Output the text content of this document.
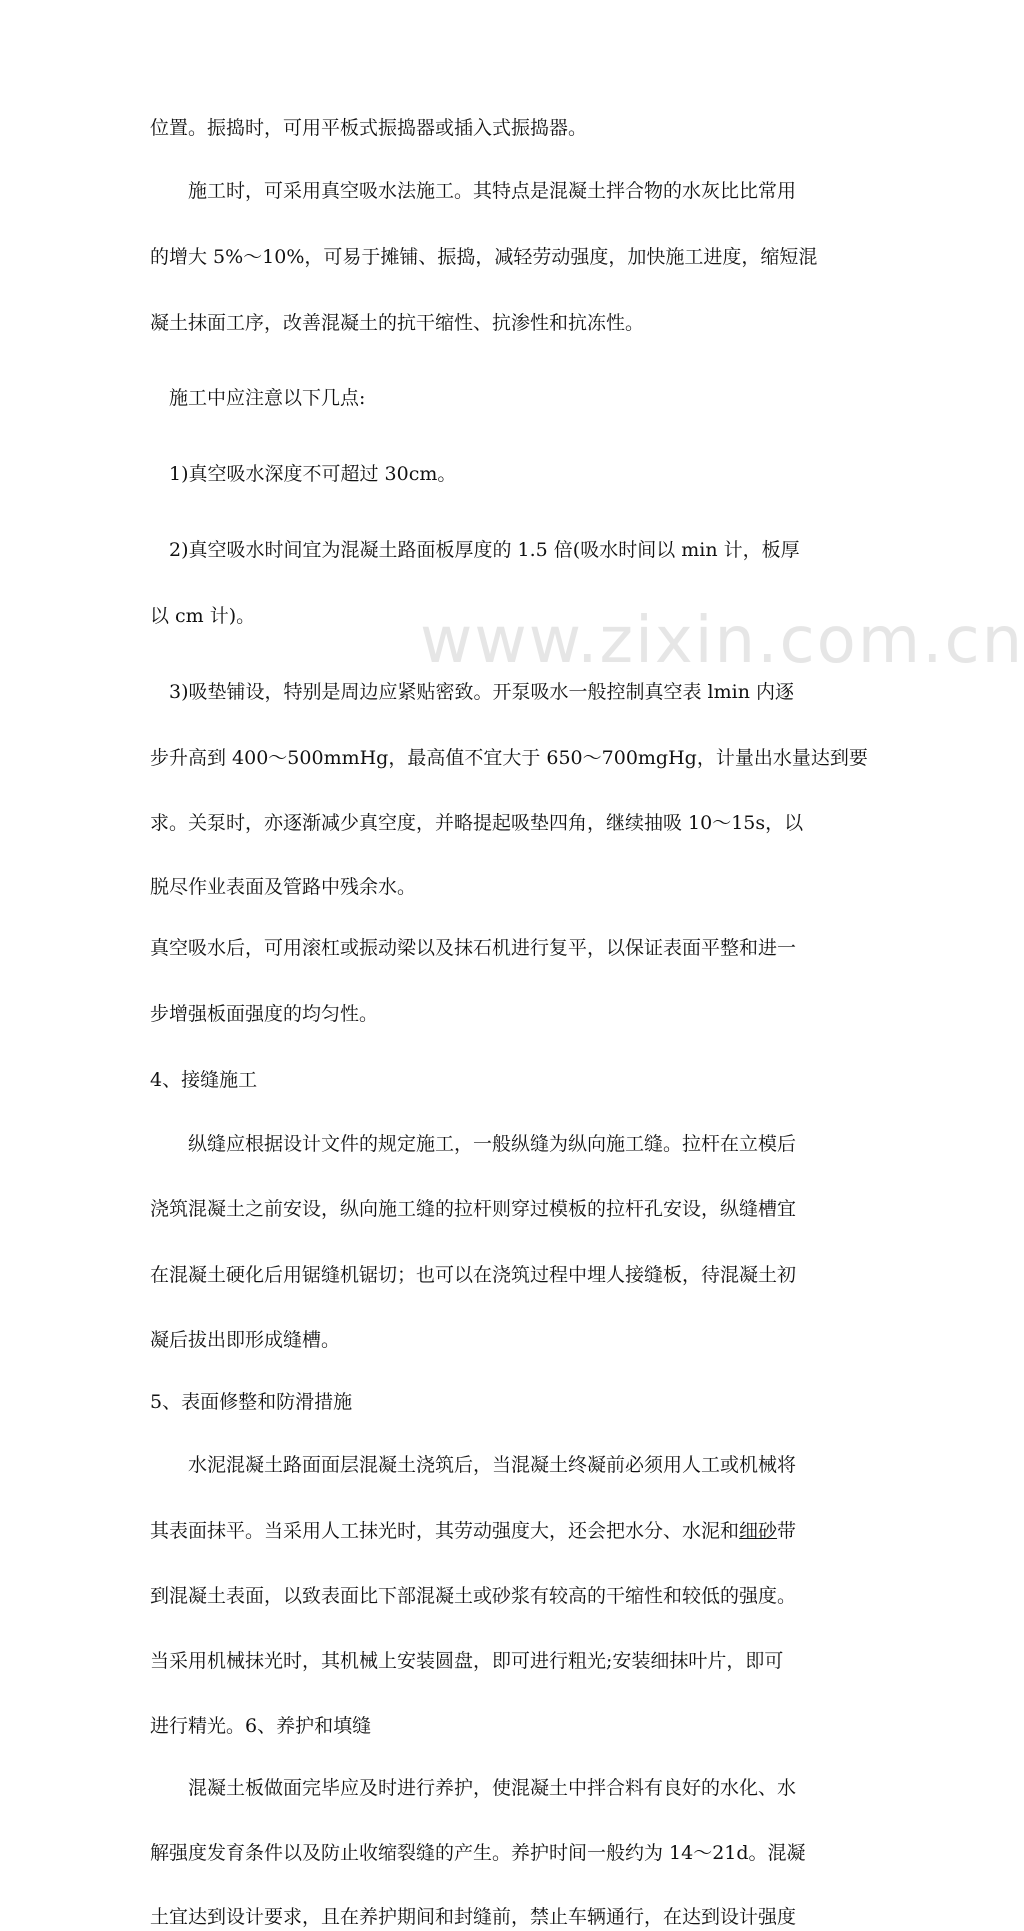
www.zixin.com.cn
位置。振捣时，可用平板式振捣器或插入式振捣器。
　　施工时，可采用真空吸水法施工。其特点是混凝土拌合物的水灰比比常用
的增大 5%～10%，可易于摊铺、振捣，减轻劳动强度，加快施工进度，缩短混
凝土抹面工序，改善混凝土的抗干缩性、抗渗性和抗冻性。
　施工中应注意以下几点:
　1)真空吸水深度不可超过 30cm。
　2)真空吸水时间宜为混凝土路面板厚度的 1.5 倍(吸水时间以 min 计，板厚
以 cm 计)。
　3)吸垫铺设，特别是周边应紧贴密致。开泵吸水一般控制真空表 lmin 内逐
步升高到 400～500mmHg，最高值不宜大于 650～700mgHg，计量出水量达到要
求。关泵时，亦逐渐减少真空度，并略提起吸垫四角，继续抽吸 10～15s，以
脱尽作业表面及管路中残余水。
真空吸水后，可用滚杠或振动梁以及抹石机进行复平，以保证表面平整和进一
步增强板面强度的均匀性。
4、接缝施工
　　纵缝应根据设计文件的规定施工，一般纵缝为纵向施工缝。拉杆在立模后
浇筑混凝土之前安设，纵向施工缝的拉杆则穿过模板的拉杆孔安设，纵缝槽宜
在混凝土硬化后用锯缝机锯切；也可以在浇筑过程中埋人接缝板，待混凝土初
凝后拔出即形成缝槽。
5、表面修整和防滑措施
　　水泥混凝土路面面层混凝土浇筑后，当混凝土终凝前必须用人工或机械将
其表面抹平。当采用人工抹光时，其劳动强度大，还会把水分、水泥和细砂带
到混凝土表面，以致表面比下部混凝土或砂浆有较高的干缩性和较低的强度。
当采用机械抹光时，其机械上安装圆盘，即可进行粗光;安装细抹叶片，即可
进行精光。6、养护和填缝
　　混凝土板做面完毕应及时进行养护，使混凝土中拌合料有良好的水化、水
解强度发育条件以及防止收缩裂缝的产生。养护时间一般约为 14～21d。混凝
土宜达到设计要求，且在养护期间和封缝前，禁止车辆通行，在达到设计强度
